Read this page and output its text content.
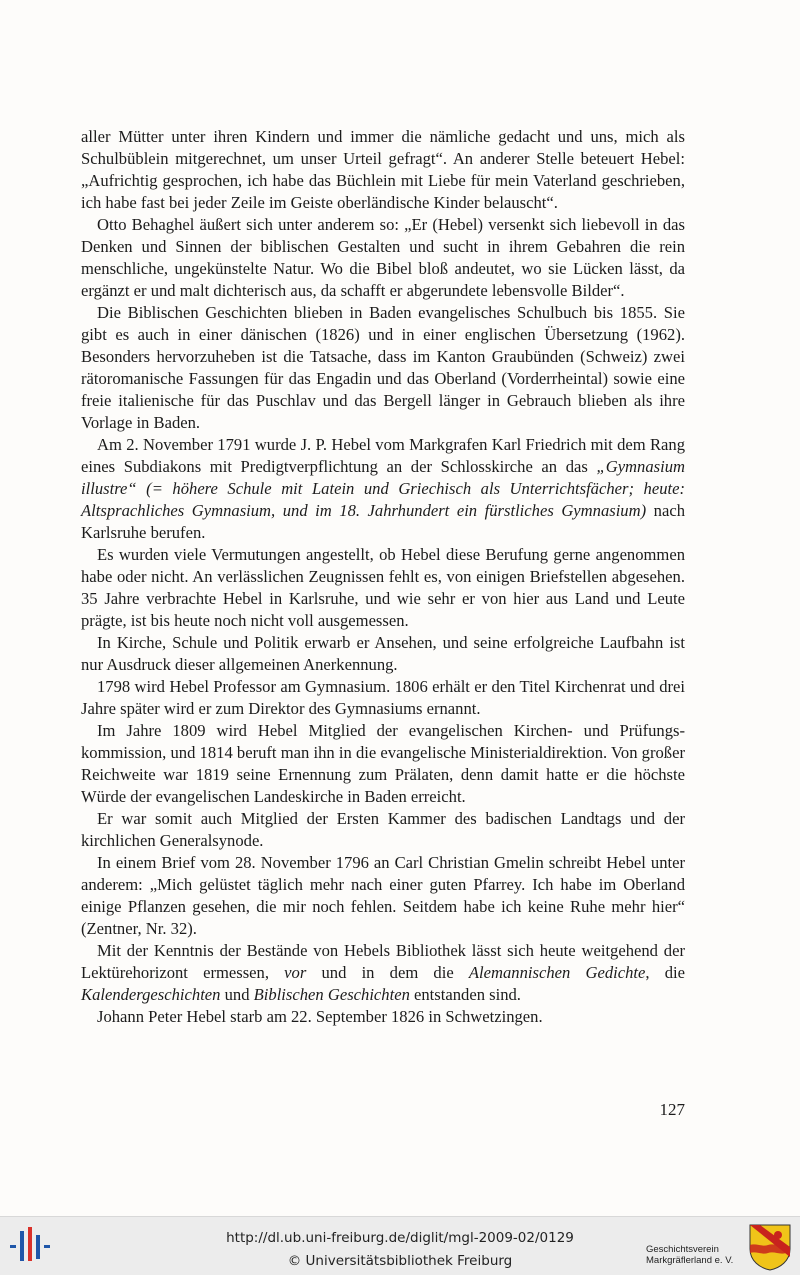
aller Mütter unter ihren Kindern und immer die nämliche gedacht und uns, mich als Schulbüblein mitgerechnet, um unser Urteil gefragt“. An anderer Stelle beteuert Hebel: „Aufrichtig gesprochen, ich habe das Büchlein mit Liebe für mein Vaterland geschrieben, ich habe fast bei jeder Zeile im Geiste oberländische Kinder belauscht“.

Otto Behaghel äußert sich unter anderem so: „Er (Hebel) versenkt sich liebevoll in das Denken und Sinnen der biblischen Gestalten und sucht in ihrem Gebahren die rein menschliche, ungekünstelte Natur. Wo die Bibel bloß andeutet, wo sie Lücken lässt, da ergänzt er und malt dichterisch aus, da schafft er abgerundete lebensvolle Bilder“.

Die Biblischen Geschichten blieben in Baden evangelisches Schulbuch bis 1855. Sie gibt es auch in einer dänischen (1826) und in einer englischen Übersetzung (1962). Besonders hervorzuheben ist die Tatsache, dass im Kanton Graubünden (Schweiz) zwei rätoromanische Fassungen für das Engadin und das Oberland (Vorderrheintal) sowie eine freie italienische für das Puschlav und das Bergell länger in Gebrauch blieben als ihre Vorlage in Baden.

Am 2. November 1791 wurde J. P. Hebel vom Markgrafen Karl Friedrich mit dem Rang eines Subdiakons mit Predigtverpflichtung an der Schlosskirche an das „Gymnasium illustre“ (= höhere Schule mit Latein und Griechisch als Unterrichtsfächer; heute: Altsprachliches Gymnasium, und im 18. Jahrhundert ein fürstliches Gymnasium) nach Karlsruhe berufen.

Es wurden viele Vermutungen angestellt, ob Hebel diese Berufung gerne angenommen habe oder nicht. An verlässlichen Zeugnissen fehlt es, von einigen Briefstellen abgesehen. 35 Jahre verbrachte Hebel in Karlsruhe, und wie sehr er von hier aus Land und Leute prägte, ist bis heute noch nicht voll ausgemessen.

In Kirche, Schule und Politik erwarb er Ansehen, und seine erfolgreiche Laufbahn ist nur Ausdruck dieser allgemeinen Anerkennung.

1798 wird Hebel Professor am Gymnasium. 1806 erhält er den Titel Kirchenrat und drei Jahre später wird er zum Direktor des Gymnasiums ernannt.

Im Jahre 1809 wird Hebel Mitglied der evangelischen Kirchen- und Prüfungskommission, und 1814 beruft man ihn in die evangelische Ministerialdirektion. Von großer Reichweite war 1819 seine Ernennung zum Prälaten, denn damit hatte er die höchste Würde der evangelischen Landeskirche in Baden erreicht.

Er war somit auch Mitglied der Ersten Kammer des badischen Landtags und der kirchlichen Generalsynode.

In einem Brief vom 28. November 1796 an Carl Christian Gmelin schreibt Hebel unter anderem: „Mich gelüstet täglich mehr nach einer guten Pfarrey. Ich habe im Oberland einige Pflanzen gesehen, die mir noch fehlen. Seitdem habe ich keine Ruhe mehr hier“ (Zentner, Nr. 32).

Mit der Kenntnis der Bestände von Hebels Bibliothek lässt sich heute weitgehend der Lektürehorizont ermessen, vor und in dem die Alemannischen Gedichte, die Kalendergeschichten und Biblischen Geschichten entstanden sind.

Johann Peter Hebel starb am 22. September 1826 in Schwetzingen.

127
http://dl.ub.uni-freiburg.de/diglit/mgl-2009-02/0129
© Universitätsbibliothek Freiburg
Geschichtsverein
Markgräflerland e. V.
